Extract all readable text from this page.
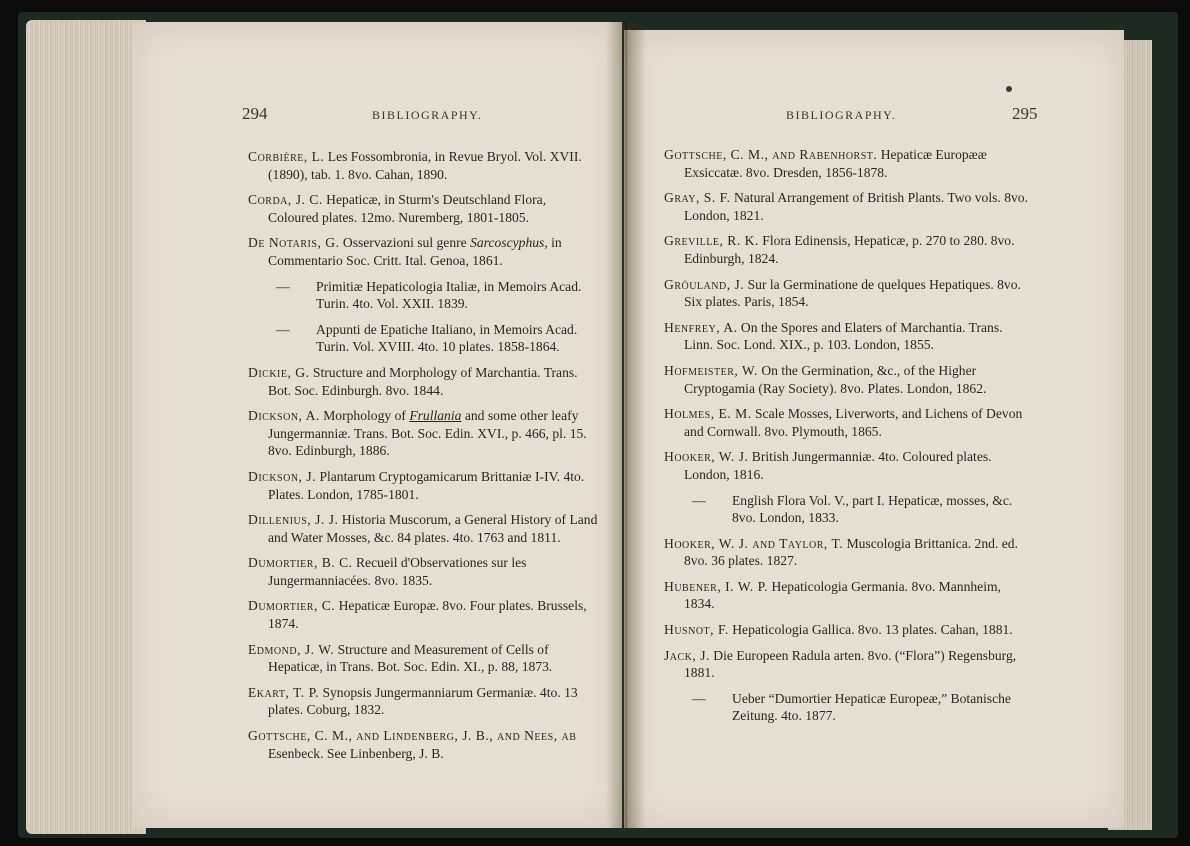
294	BIBLIOGRAPHY.	BIBLIOGRAPHY.	295
Corbière, L. Les Fossombronia, in Revue Bryol. Vol. XVII. (1890), tab. 1. 8vo. Cahan, 1890.
Corda, J. C. Hepaticæ, in Sturm's Deutschland Flora, Coloured plates. 12mo. Nuremberg, 1801-1805.
De Notaris, G. Osservazioni sul genre Sarcoscyphus, in Commentario Soc. Critt. Ital. Genoa, 1861.
— Primitiæ Hepaticologia Italiæ, in Memoirs Acad. Turin. 4to. Vol. XXII. 1839.
— Appunti de Epatiche Italiano, in Memoirs Acad. Turin. Vol. XVIII. 4to. 10 plates. 1858-1864.
Dickie, G. Structure and Morphology of Marchantia. Trans. Bot. Soc. Edinburgh. 8vo. 1844.
Dickson, A. Morphology of Frullania and some other leafy Jungermanniæ. Trans. Bot. Soc. Edin. XVI., p. 466, pl. 15. 8vo. Edinburgh, 1886.
Dickson, J. Plantarum Cryptogamicarum Brittaniæ I-IV. 4to. Plates. London, 1785-1801.
Dillenius, J. J. Historia Muscorum, a General History of Land and Water Mosses, &c. 84 plates. 4to. 1763 and 1811.
Dumortier, B. C. Recueil d'Observationes sur les Jungermanniacées. 8vo. 1835.
Dumortier, C. Hepaticæ Europæ. 8vo. Four plates. Brussels, 1874.
Edmond, J. W. Structure and Measurement of Cells of Hepaticæ, in Trans. Bot. Soc. Edin. XI., p. 88, 1873.
Ekart, T. P. Synopsis Jungermanniarum Germaniæ. 4to. 13 plates. Coburg, 1832.
Gottsche, C. M., and Lindenberg, J. B., and Nees, ab Esenbeck. See Linbenberg, J. B.
Gottsche, C. M., and Rabenhorst. Hepaticæ Europææ Exsiccatæ. 8vo. Dresden, 1856-1878.
Gray, S. F. Natural Arrangement of British Plants. Two vols. 8vo. London, 1821.
Greville, R. K. Flora Edinensis, Hepaticæ, p. 270 to 280. 8vo. Edinburgh, 1824.
Gröuland, J. Sur la Germinatione de quelques Hepatiques. 8vo. Six plates. Paris, 1854.
Henfrey, A. On the Spores and Elaters of Marchantia. Trans. Linn. Soc. Lond. XIX., p. 103. London, 1855.
Hofmeister, W. On the Germination, &c., of the Higher Cryptogamia (Ray Society). 8vo. Plates. London, 1862.
Holmes, E. M. Scale Mosses, Liverworts, and Lichens of Devon and Cornwall. 8vo. Plymouth, 1865.
Hooker, W. J. British Jungermanniæ. 4to. Coloured plates. London, 1816.
— English Flora Vol. V., part I. Hepaticæ, mosses, &c. 8vo. London, 1833.
Hooker, W. J. and Taylor, T. Muscologia Brittanica. 2nd. ed. 8vo. 36 plates. 1827.
Hubener, I. W. P. Hepaticologia Germania. 8vo. Mannheim, 1834.
Husnot, F. Hepaticologia Gallica. 8vo. 13 plates. Cahan, 1881.
Jack, J. Die Europeen Radula arten. 8vo. (“Flora”) Regensburg, 1881.
— Ueber “Dumortier Hepaticæ Europeæ,” Botanische Zeitung. 4to. 1877.
